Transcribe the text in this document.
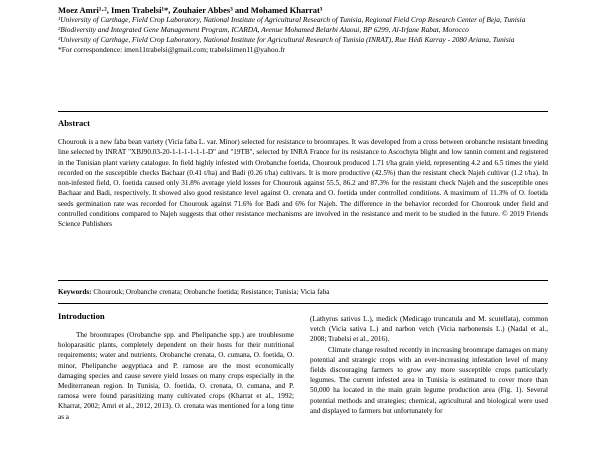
Moez Amri¹·², Imen Trabelsi¹*, Zouhaier Abbes³ and Mohamed Kharrat³

¹University of Carthage, Field Crop Laboratory, National Institute of Agricultural Research of Tunisia, Regional Field Crop Research Center of Beja, Tunisia

²Biodiversity and Integrated Gene Management Program, ICARDA, Avenue Mohamed Belarbi Alaoui, BP 6299, Al-Irfane Rabat, Morocco

³University of Carthage, Field Crop Laboratory, National Institute for Agricultural Research of Tunisia (INRAT), Rue Hédi Karray - 2080 Ariana, Tunisia

*For correspondence: imen11trabelsi@gmail.com; trabelsiimen11@yahoo.fr

Abstract
Chourouk is a new faba bean variety (Vicia faba L. var. Minor) selected for resistance to broomrapes. It was developed from a cross between orobanche resistant breeding line selected by INRAT "XBJ90.03-20-1-1-1-1-1-1-D" and "19TB", selected by INRA France for its resistance to Ascochyta blight and low tannin content and registered in the Tunisian plant variety catalogue. In field highly infested with Orobanche foetida, Chourouk produced 1.71 t/ha grain yield, representing 4.2 and 6.5 times the yield recorded on the susceptible checks Bachaar (0.41 t/ha) and Badi (0.26 t/ha) cultivars. It is more productive (42.5%) than the resistant check Najeh cultivar (1.2 t/ha). In non-infested field, O. foetida caused only 31.8% average yield losses for Chourouk against 55.5, 86.2 and 87.3% for the resistant check Najeh and the susceptible ones Bachaar and Badi, respectively. It showed also good resistance level against O. crenata and O. foetida under controlled conditions. A maximum of 11.3% of O. foetida seeds germination rate was recorded for Chourouk against 71.6% for Badi and 6% for Najeh. The difference in the behavior recorded for Chourouk under field and controlled conditions compared to Najeh suggests that other resistance mechanisms are involved in the resistance and merit to be studied in the future. © 2019 Friends Science Publishers
Keywords: Chourouk; Orobanche crenata; Orobanche foetida; Resistance; Tunisia; Vicia faba
Introduction

The broomrapes (Orobanche spp. and Phelipanche spp.) are troublesome holoparasitic plants, completely dependent on their hosts for their nutritional requirements; water and nutrients. Orobanche crenata, O. cumana, O. foetida, O. minor, Phelipanche aegyptiaca and P. ramose are the most economically damaging species and cause severe yield losses on many crops especially in the Mediterranean region. In Tunisia, O. foetida, O. crenata, O. cumana, and P. ramosa were found parasitizing many cultivated crops (Kharrat et al., 1992; Kharrat, 2002; Amri et al., 2012, 2013). O. crenata was mentioned for a long time as a

(Lathyrus sativus L.), medick (Medicago truncatula and M. scutellata), common vetch (Vicia sativa L.) and narbon vetch (Vicia narbonensis L.) (Nadal et al., 2008; Trabelsi et al., 2016).

Climate change resulted recently in increasing broomrape damages on many potential and strategic crops with an ever-increasing infestation level of many fields discouraging farmers to grow any more susceptible crops particularly legumes. The current infested area in Tunisia is estimated to cover more than 50,000 ha located in the main grain legume production area (Fig. 1). Several potential methods and strategies; chemical, agricultural and biological were used and displayed to farmers but unfortunately for
